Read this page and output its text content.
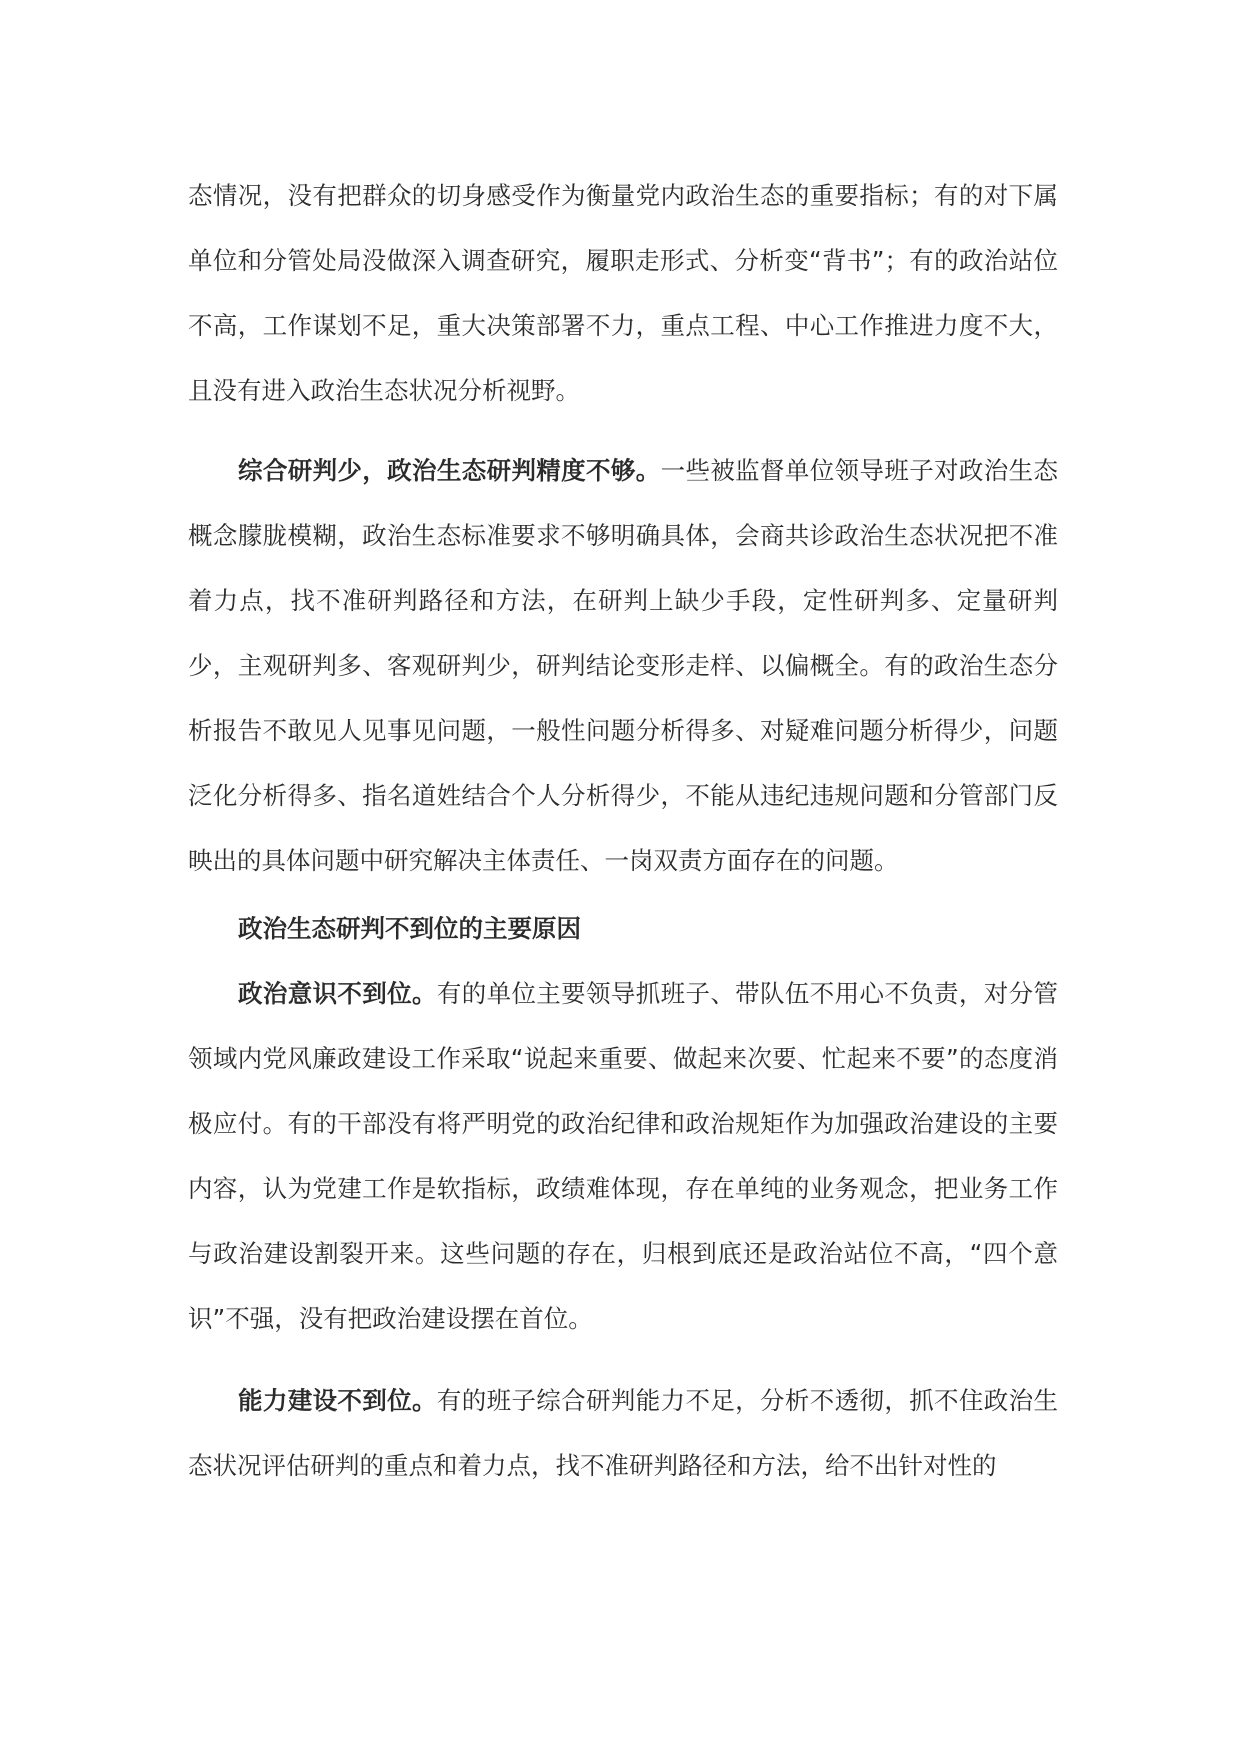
态情况，没有把群众的切身感受作为衡量党内政治生态的重要指标；有的对下属单位和分管处局没做深入调查研究，履职走形式、分析变“背书”；有的政治站位不高，工作谋划不足，重大决策部署不力，重点工程、中心工作推进力度不大，且没有进入政治生态状况分析视野。

综合研判少，政治生态研判精度不够。一些被监督单位领导班子对政治生态概念朦胧模糊，政治生态标准要求不够明确具体，会商共诊政治生态状况把不准着力点，找不准研判路径和方法，在研判上缺少手段，定性研判多、定量研判少，主观研判多、客观研判少，研判结论变形走样、以偏概全。有的政治生态分析报告不敢见人见事见问题，一般性问题分析得多、对疑难问题分析得少，问题泛化分析得多、指名道姓结合个人分析得少，不能从违纪违规问题和分管部门反映出的具体问题中研究解决主体责任、一岗双责方面存在的问题。

政治生态研判不到位的主要原因

政治意识不到位。有的单位主要领导抓班子、带队伍不用心不负责，对分管领域内党风廉政建设工作采取“说起来重要、做起来次要、忙起来不要”的态度消极应付。有的干部没有将严明党的政治纪律和政治规矩作为加强政治建设的主要内容，认为党建工作是软指标，政绩难体现，存在单纯的业务观念，把业务工作与政治建设割裂开来。这些问题的存在，归根到底还是政治站位不高，“四个意识”不强，没有把政治建设摆在首位。

能力建设不到位。有的班子综合研判能力不足，分析不透彻，抓不住政治生态状况评估研判的重点和着力点，找不准研判路径和方法，给不出针对性的
